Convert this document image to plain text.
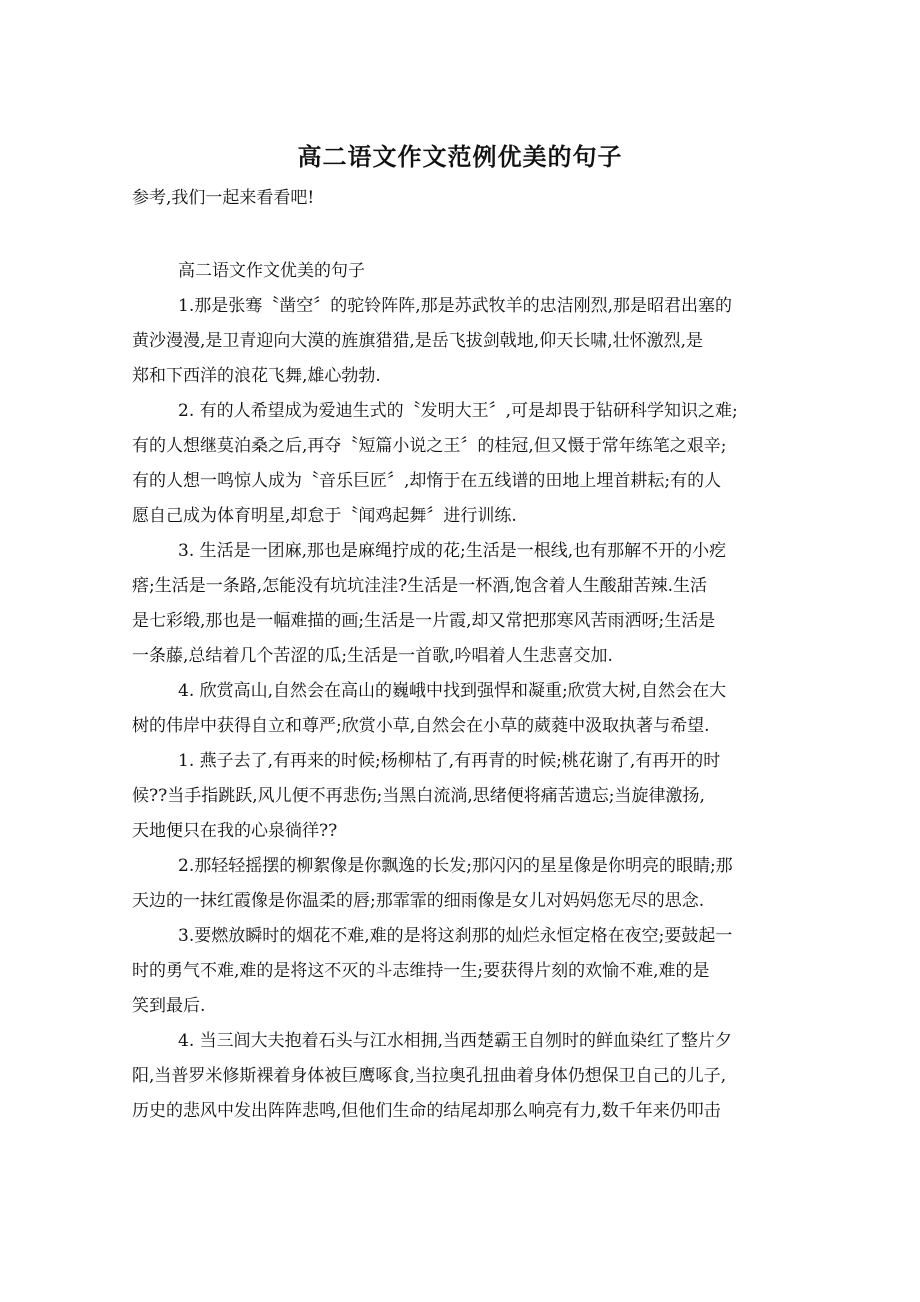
高二语文作文范例优美的句子
参考,我们一起来看看吧!
高二语文作文优美的句子
1.那是张骞〝凿空〞的驼铃阵阵,那是苏武牧羊的忠洁刚烈,那是昭君出塞的
黄沙漫漫,是卫青迎向大漠的旌旗猎猎,是岳飞拔剑戟地,仰天长啸,壮怀激烈,是
郑和下西洋的浪花飞舞,雄心勃勃.
2. 有的人希望成为爱迪生式的〝发明大王〞,可是却畏于钻研科学知识之难;
有的人想继莫泊桑之后,再夺〝短篇小说之王〞的桂冠,但又慑于常年练笔之艰辛;
有的人想一鸣惊人成为〝音乐巨匠〞,却惰于在五线谱的田地上埋首耕耘;有的人
愿自己成为体育明星,却怠于〝闻鸡起舞〞进行训练.
3. 生活是一团麻,那也是麻绳拧成的花;生活是一根线,也有那解不开的小疙
瘩;生活是一条路,怎能没有坑坑洼洼?生活是一杯酒,饱含着人生酸甜苦辣.生活
是七彩缎,那也是一幅难描的画;生活是一片霞,却又常把那寒风苦雨洒呀;生活是
一条藤,总结着几个苦涩的瓜;生活是一首歌,吟唱着人生悲喜交加.
4. 欣赏高山,自然会在高山的巍峨中找到强悍和凝重;欣赏大树,自然会在大
树的伟岸中获得自立和尊严;欣赏小草,自然会在小草的葳蕤中汲取执著与希望.
1. 燕子去了,有再来的时候;杨柳枯了,有再青的时候;桃花谢了,有再开的时
候??当手指跳跃,风儿便不再悲伤;当黑白流淌,思绪便将痛苦遗忘;当旋律激扬,
天地便只在我的心泉徜徉??
2.那轻轻摇摆的柳絮像是你飘逸的长发;那闪闪的星星像是你明亮的眼睛;那
天边的一抹红霞像是你温柔的唇;那霏霏的细雨像是女儿对妈妈您无尽的思念.
3.要燃放瞬时的烟花不难,难的是将这刹那的灿烂永恒定格在夜空;要鼓起一
时的勇气不难,难的是将这不灭的斗志维持一生;要获得片刻的欢愉不难,难的是
笑到最后.
4. 当三闾大夫抱着石头与江水相拥,当西楚霸王自刎时的鲜血染红了整片夕
阳,当普罗米修斯裸着身体被巨鹰啄食,当拉奥孔扭曲着身体仍想保卫自己的儿子,
历史的悲风中发出阵阵悲鸣,但他们生命的结尾却那么响亮有力,数千年来仍叩击
